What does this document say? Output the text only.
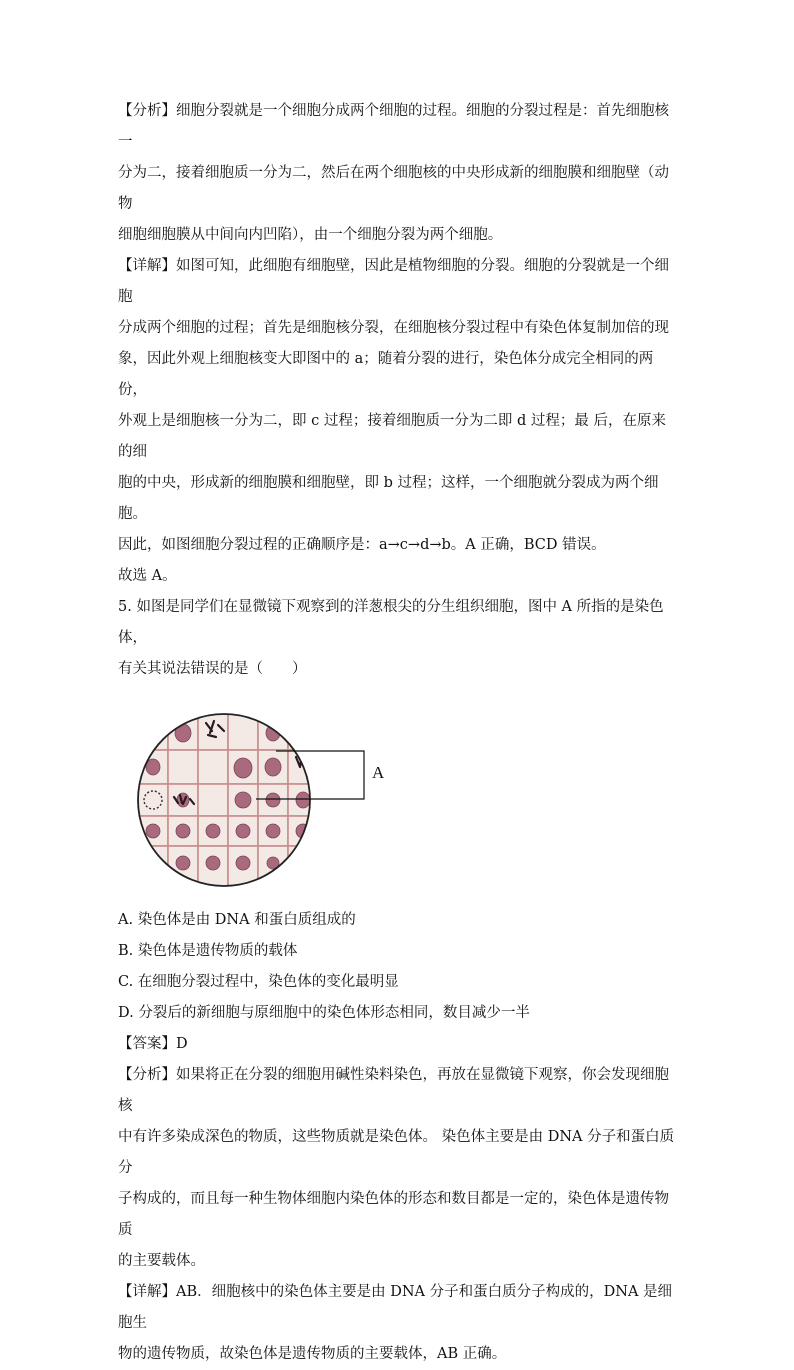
【分析】细胞分裂就是一个细胞分成两个细胞的过程。细胞的分裂过程是：首先细胞核一

分为二，接着细胞质一分为二，然后在两个细胞核的中央形成新的细胞膜和细胞壁（动物

细胞细胞膜从中间向内凹陷），由一个细胞分裂为两个细胞。

【详解】如图可知，此细胞有细胞壁，因此是植物细胞的分裂。细胞的分裂就是一个细胞

分成两个细胞的过程；首先是细胞核分裂，在细胞核分裂过程中有染色体复制加倍的现

象，因此外观上细胞核变大即图中的 a；随着分裂的进行，染色体分成完全相同的两份，

外观上是细胞核一分为二，即 c 过程；接着细胞质一分为二即 d 过程；最 后，在原来的细

胞的中央，形成新的细胞膜和细胞壁，即 b 过程；这样，一个细胞就分裂成为两个细胞。

因此，如图细胞分裂过程的正确顺序是：a→c→d→b。A 正确，BCD 错误。

故选 A。

5. 如图是同学们在显微镜下观察到的洋葱根尖的分生组织细胞，图中 A 所指的是染色体，

有关其说法错误的是（　　）

A

A. 染色体是由 DNA 和蛋白质组成的

B. 染色体是遗传物质的载体

C. 在细胞分裂过程中，染色体的变化最明显

D. 分裂后的新细胞与原细胞中的染色体形态相同，数目减少一半

【答案】D

【分析】如果将正在分裂的细胞用碱性染料染色，再放在显微镜下观察，你会发现细胞核

中有许多染成深色的物质，这些物质就是染色体。 染色体主要是由 DNA 分子和蛋白质分

子构成的，而且每一种生物体细胞内染色体的形态和数目都是一定的，染色体是遗传物质

的主要载体。

【详解】AB．细胞核中的染色体主要是由 DNA 分子和蛋白质分子构成的，DNA 是细胞生

物的遗传物质，故染色体是遗传物质的主要载体，AB 正确。
